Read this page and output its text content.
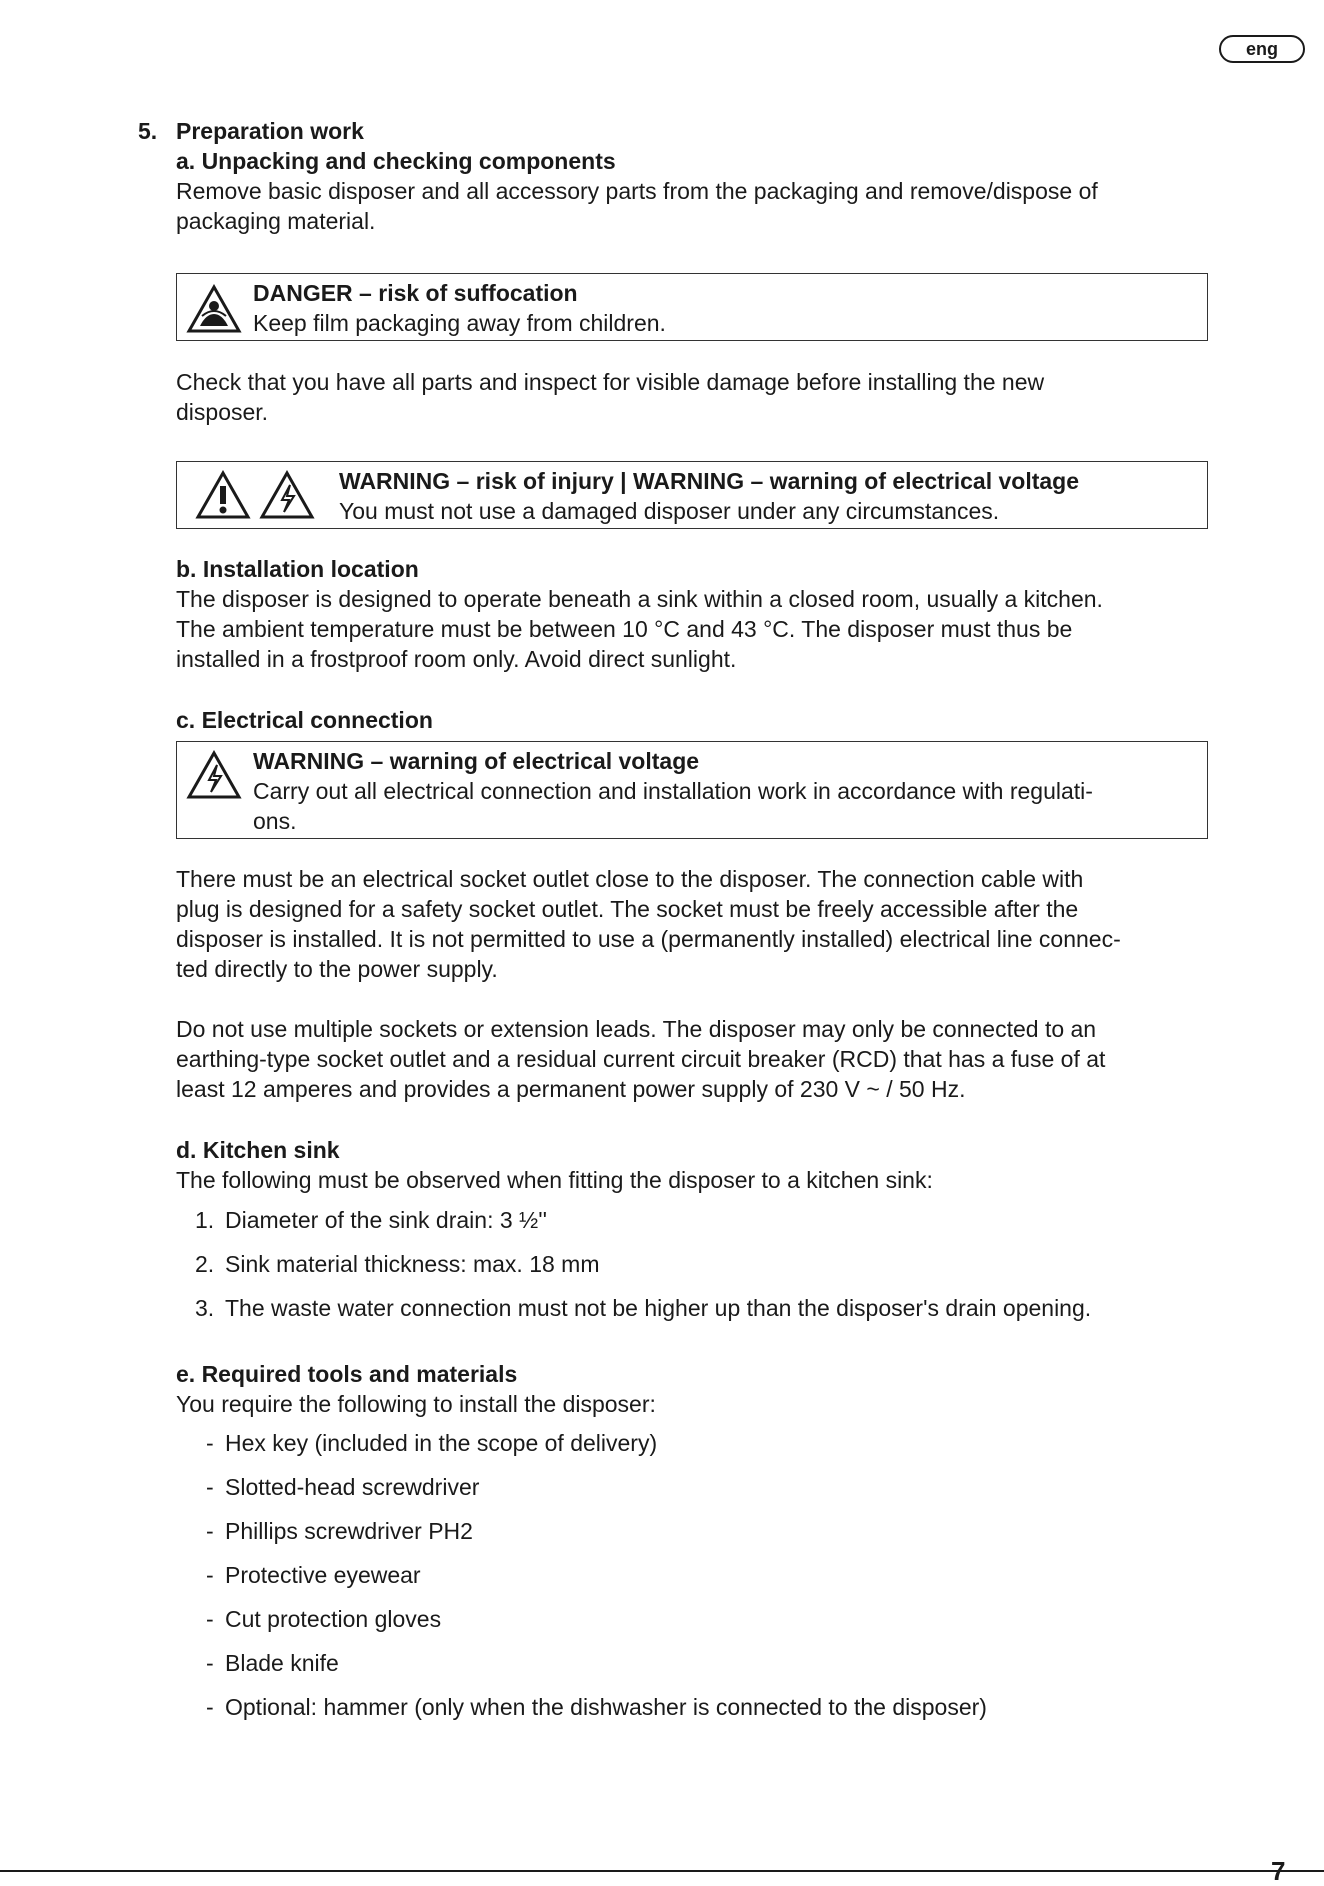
eng
5. Preparation work
a. Unpacking and checking components
Remove basic disposer and all accessory parts from the packaging and remove/dispose of
packaging material.
DANGER – risk of suffocation
Keep film packaging away from children.
Check that you have all parts and inspect for visible damage before installing the new
disposer.
WARNING – risk of injury | WARNING – warning of electrical voltage
You must not use a damaged disposer under any circumstances.
b. Installation location
The disposer is designed to operate beneath a sink within a closed room, usually a kitchen.
The ambient temperature must be between 10 °C and 43 °C. The disposer must thus be
installed in a frostproof room only. Avoid direct sunlight.
c. Electrical connection
WARNING – warning of electrical voltage
Carry out all electrical connection and installation work in accordance with regulati-
ons.
There must be an electrical socket outlet close to the disposer. The connection cable with
plug is designed for a safety socket outlet. The socket must be freely accessible after the
disposer is installed. It is not permitted to use a (permanently installed) electrical line connec-
ted directly to the power supply.
Do not use multiple sockets or extension leads. The disposer may only be connected to an
earthing-type socket outlet and a residual current circuit breaker (RCD) that has a fuse of at
least 12 amperes and provides a permanent power supply of 230 V ~ / 50 Hz.
d. Kitchen sink
The following must be observed when fitting the disposer to a kitchen sink:
1. Diameter of the sink drain: 3 ½''
2. Sink material thickness: max. 18 mm
3. The waste water connection must not be higher up than the disposer's drain opening.
e. Required tools and materials
You require the following to install the disposer:
- Hex key (included in the scope of delivery)
- Slotted-head screwdriver
- Phillips screwdriver PH2
- Protective eyewear
- Cut protection gloves
- Blade knife
- Optional: hammer (only when the dishwasher is connected to the disposer)
